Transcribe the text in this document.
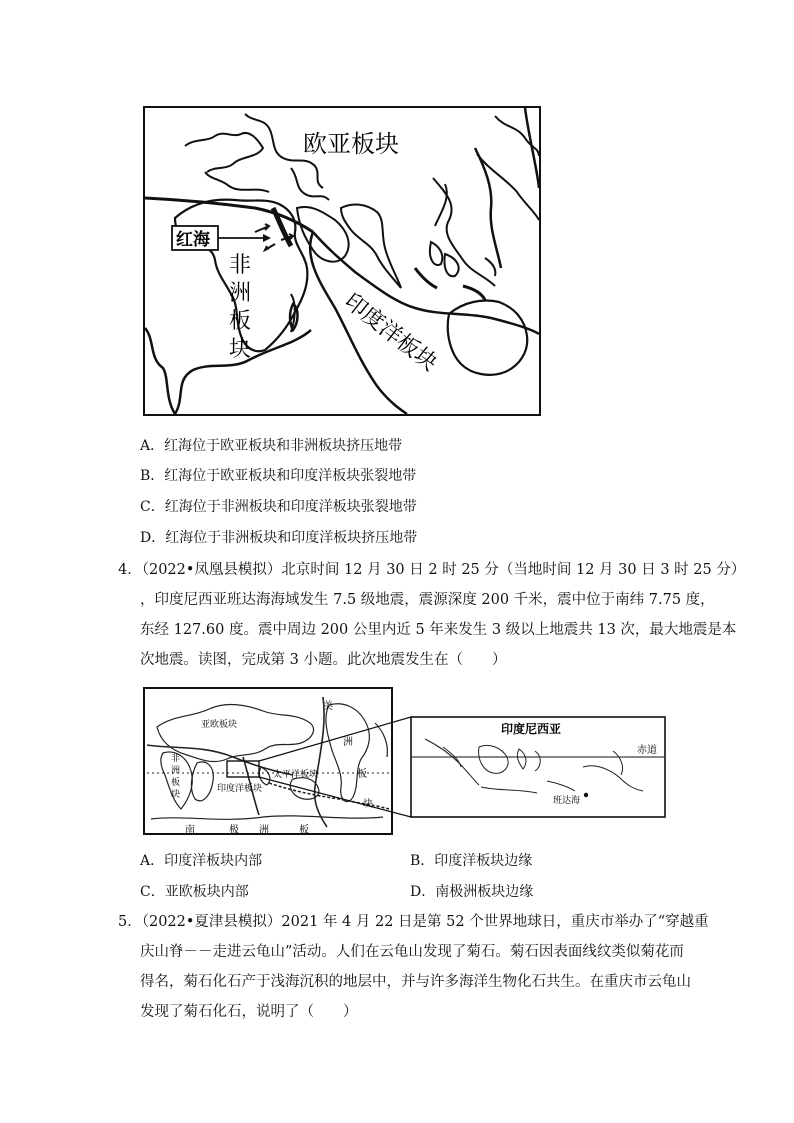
红海
欧亚板块
非
洲
板
块	印度洋板块
A．红海位于欧亚板块和非洲板块挤压地带
B．红海位于欧亚板块和印度洋板块张裂地带
C．红海位于非洲板块和印度洋板块张裂地带
D．红海位于非洲板块和印度洋板块挤压地带
4．（2022•凤凰县模拟）北京时间 12 月 30 日 2 时 25 分（当地时间 12 月 30 日 3 时 25 分）
，印度尼西亚班达海海域发生 7.5 级地震，震源深度 200 千米，震中位于南纬 7.75 度，
东经 127.60 度。震中周边 200 公里内近 5 年来发生 3 级以上地震共 13 次，最大地震是本
次地震。读图，完成第 3 小题。此次地震发生在（　　）
亚欧板块
非
洲
板
块
太平洋板块
印度洋板块
美
洲
板
块
南	极 洲	板
印度尼西亚
赤道
班达海
A．印度洋板块内部	B．印度洋板块边缘
C．亚欧板块内部	D．南极洲板块边缘
5．（2022•夏津县模拟）2021 年 4 月 22 日是第 52 个世界地球日，重庆市举办了“穿越重
庆山脊－－走进云龟山”活动。人们在云龟山发现了菊石。菊石因表面线纹类似菊花而
得名，菊石化石产于浅海沉积的地层中，并与许多海洋生物化石共生。在重庆市云龟山
发现了菊石化石，说明了（　　）
